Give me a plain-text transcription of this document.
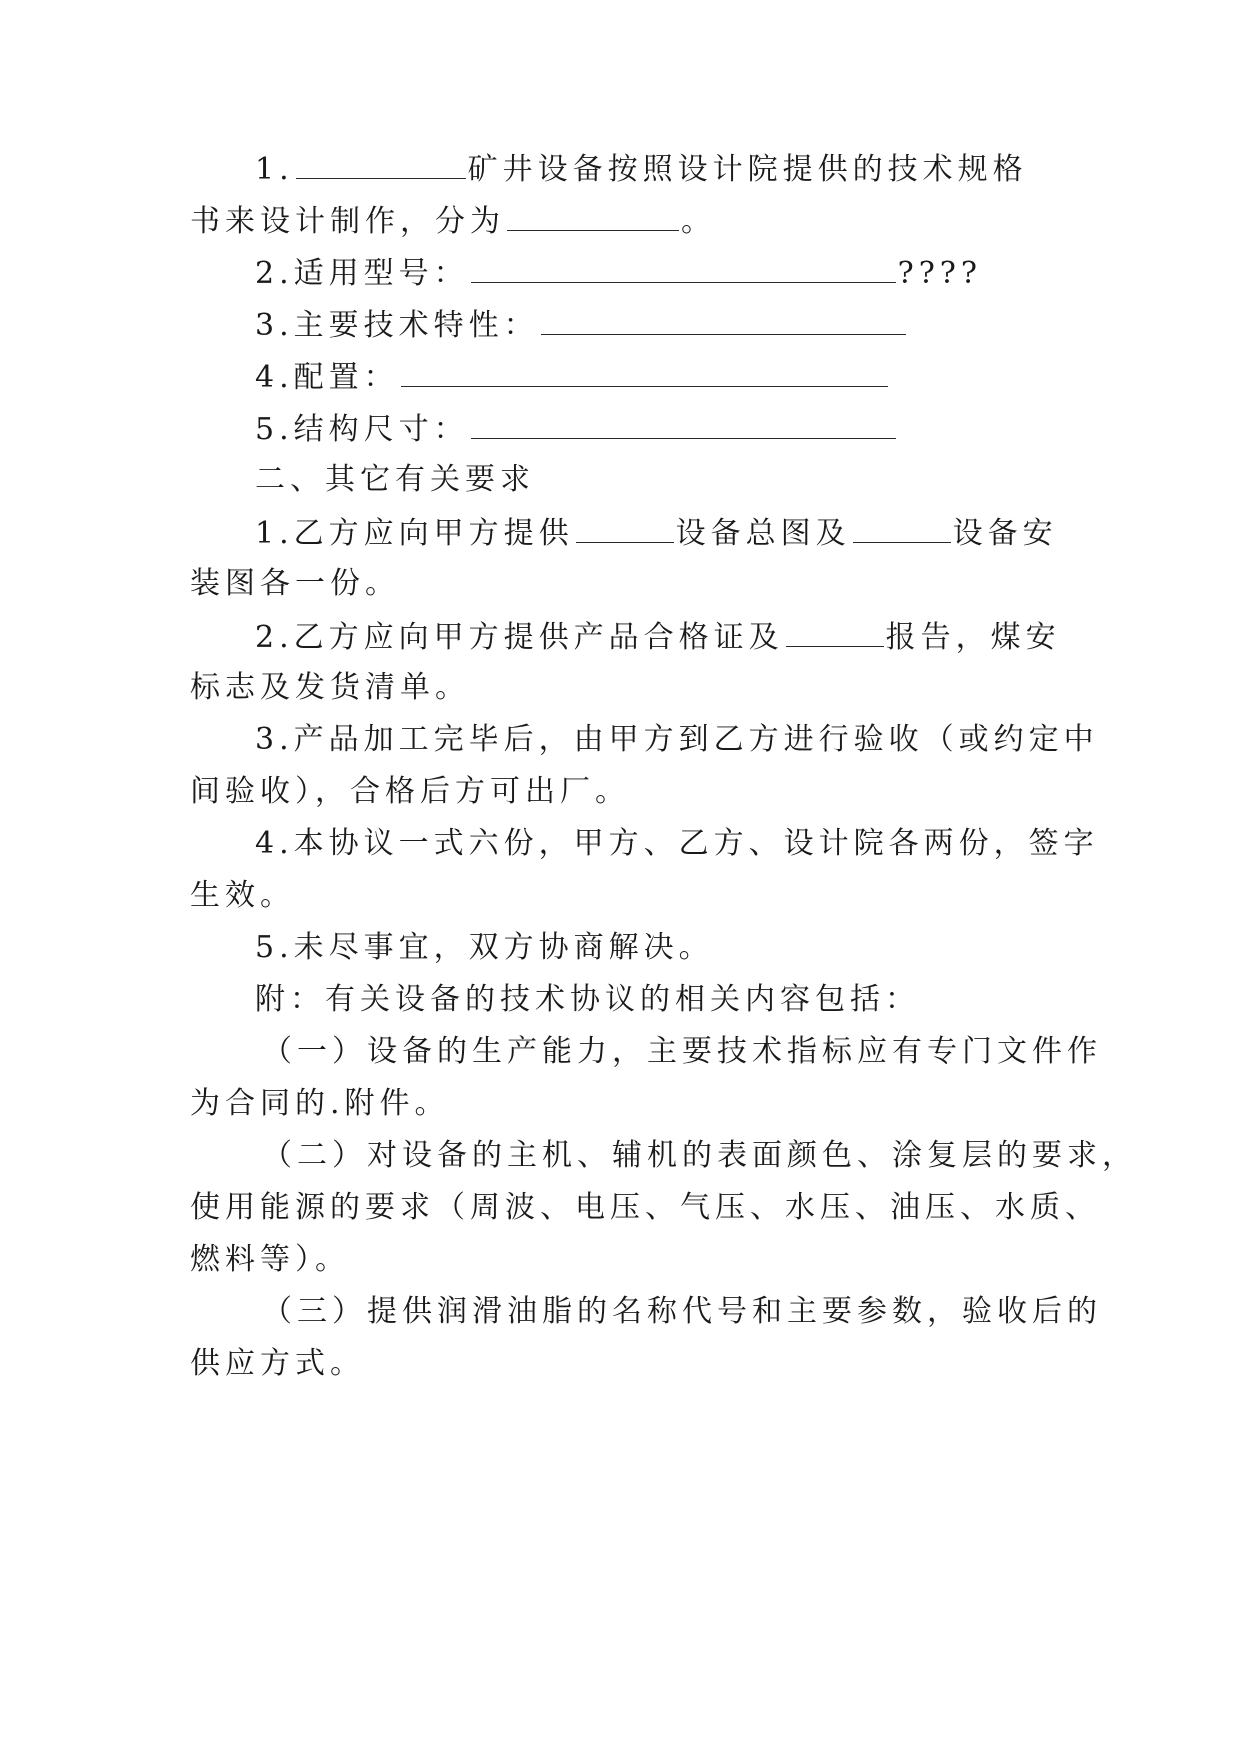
1.	矿井设备按照设计院提供的技术规格
书来设计制作，分为	。
2.适用型号：	????
3.主要技术特性：
4.配置：
5.结构尺寸：
二、其它有关要求
1.乙方应向甲方提供	设备总图及	设备安
装图各一份。
2.乙方应向甲方提供产品合格证及	报告，煤安
标志及发货清单。
3.产品加工完毕后，由甲方到乙方进行验收（或约定中
间验收），合格后方可出厂。
4.本协议一式六份，甲方、乙方、设计院各两份，签字
生效。
5.未尽事宜，双方协商解决。
附：有关设备的技术协议的相关内容包括：
（一）设备的生产能力，主要技术指标应有专门文件作
为合同的.附件。
（二）对设备的主机、辅机的表面颜色、涂复层的要求，
使用能源的要求（周波、电压、气压、水压、油压、水质、
燃料等）。
（三）提供润滑油脂的名称代号和主要参数，验收后的
供应方式。
